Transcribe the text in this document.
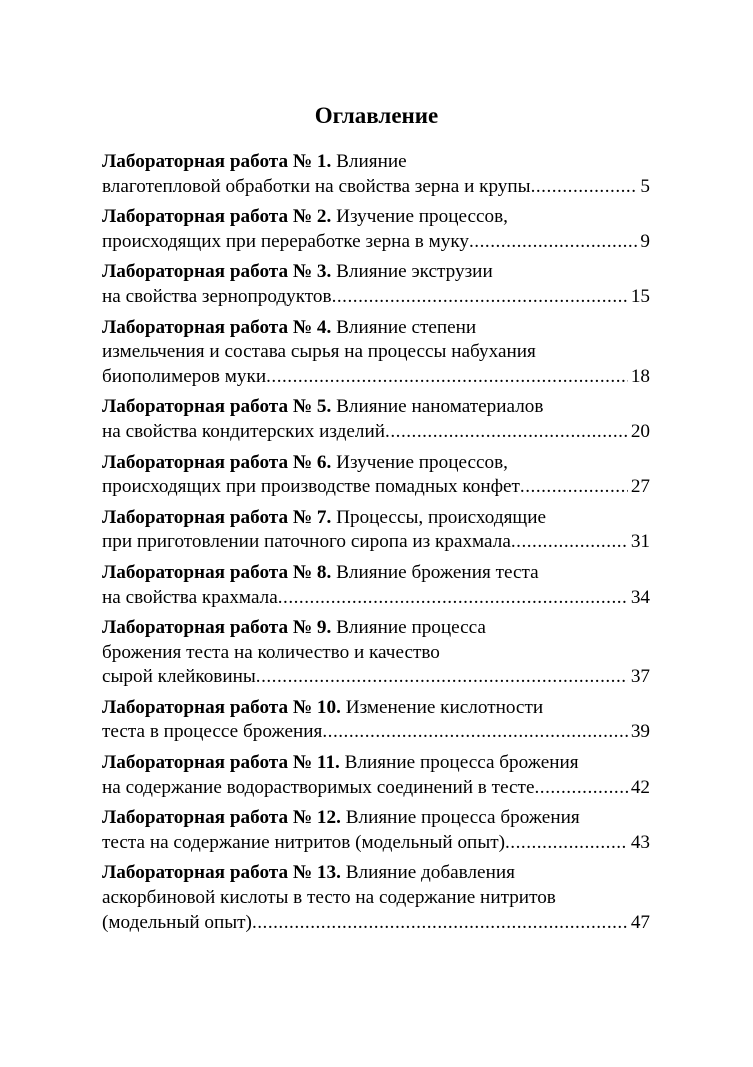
Оглавление
Лабораторная работа № 1. Влияние
влаготепловой обработки на свойства зерна и крупы .....	5
Лабораторная работа № 2. Изучение процессов,
происходящих при переработке зерна в муку .....	9
Лабораторная работа № 3. Влияние экструзии
на свойства зернопродуктов .....	15
Лабораторная работа № 4. Влияние степени
измельчения и состава сырья на процессы набухания
биополимеров муки .....	18
Лабораторная работа № 5. Влияние наноматериалов
на свойства кондитерских изделий .....	20
Лабораторная работа № 6. Изучение процессов,
происходящих при производстве помадных конфет .....	27
Лабораторная работа № 7. Процессы, происходящие
при приготовлении паточного сиропа из крахмала .....	31
Лабораторная работа № 8. Влияние брожения теста
на свойства крахмала .....	34
Лабораторная работа № 9. Влияние процесса
брожения теста на количество и качество
сырой клейковины .....	37
Лабораторная работа № 10. Изменение кислотности
теста в процессе брожения .....	39
Лабораторная работа № 11. Влияние процесса брожения
на содержание водорастворимых соединений в тесте .....	42
Лабораторная работа № 12. Влияние процесса брожения
теста на содержание нитритов (модельный опыт) .....	43
Лабораторная работа № 13. Влияние добавления
аскорбиновой кислоты в тесто на содержание нитритов
(модельный опыт) .....	47
